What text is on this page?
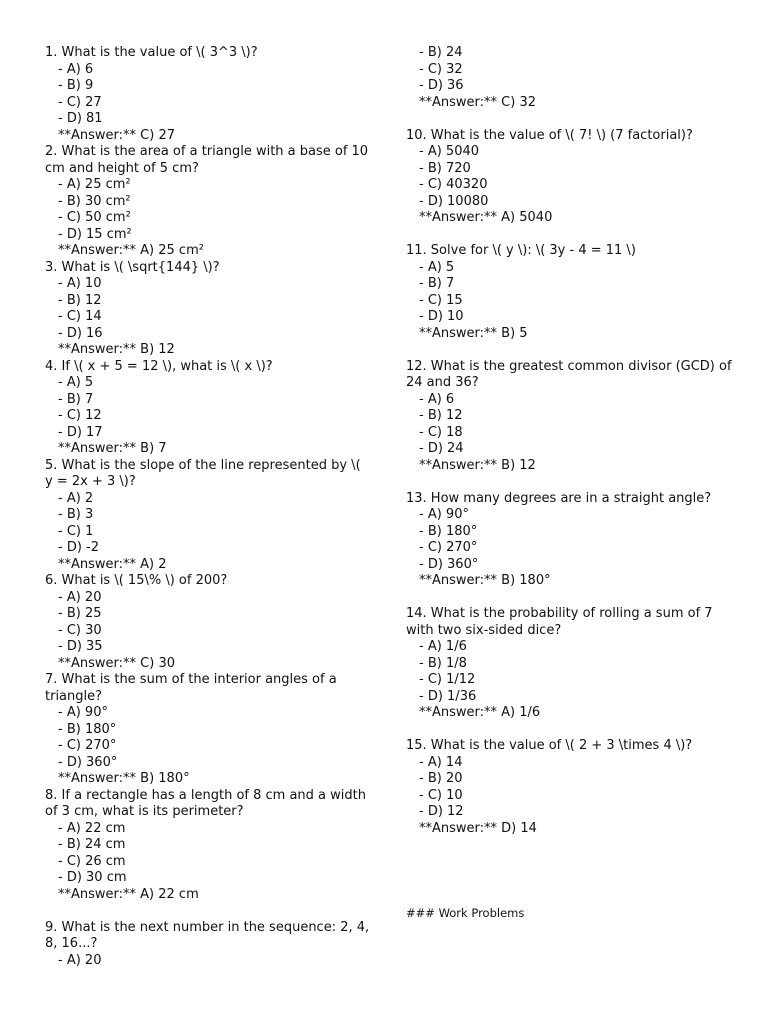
1. What is the value of \( 3^3 \)?
- A) 6
- B) 9
- C) 27
- D) 81
**Answer:** C) 27
2. What is the area of a triangle with a base of 10 cm and height of 5 cm?
- A) 25 cm²
- B) 30 cm²
- C) 50 cm²
- D) 15 cm²
**Answer:** A) 25 cm²
3. What is \( \sqrt{144} \)?
- A) 10
- B) 12
- C) 14
- D) 16
**Answer:** B) 12
4. If \( x + 5 = 12 \), what is \( x \)?
- A) 5
- B) 7
- C) 12
- D) 17
**Answer:** B) 7
5. What is the slope of the line represented by \( y = 2x + 3 \)?
- A) 2
- B) 3
- C) 1
- D) -2
**Answer:** A) 2
6. What is \( 15\% \) of 200?
- A) 20
- B) 25
- C) 30
- D) 35
**Answer:** C) 30
7. What is the sum of the interior angles of a triangle?
- A) 90°
- B) 180°
- C) 270°
- D) 360°
**Answer:** B) 180°
8. If a rectangle has a length of 8 cm and a width of 3 cm, what is its perimeter?
- A) 22 cm
- B) 24 cm
- C) 26 cm
- D) 30 cm
**Answer:** A) 22 cm
9. What is the next number in the sequence: 2, 4, 8, 16...?
- A) 20
- B) 24
- C) 32
- D) 36
**Answer:** C) 32
10. What is the value of \( 7! \) (7 factorial)?
- A) 5040
- B) 720
- C) 40320
- D) 10080
**Answer:** A) 5040
11. Solve for \( y \): \( 3y - 4 = 11 \)
- A) 5
- B) 7
- C) 15
- D) 10
**Answer:** B) 5
12. What is the greatest common divisor (GCD) of 24 and 36?
- A) 6
- B) 12
- C) 18
- D) 24
**Answer:** B) 12
13. How many degrees are in a straight angle?
- A) 90°
- B) 180°
- C) 270°
- D) 360°
**Answer:** B) 180°
14. What is the probability of rolling a sum of 7 with two six-sided dice?
- A) 1/6
- B) 1/8
- C) 1/12
- D) 1/36
**Answer:** A) 1/6
15. What is the value of \( 2 + 3 \times 4 \)?
- A) 14
- B) 20
- C) 10
- D) 12
**Answer:** D) 14
### Work Problems
